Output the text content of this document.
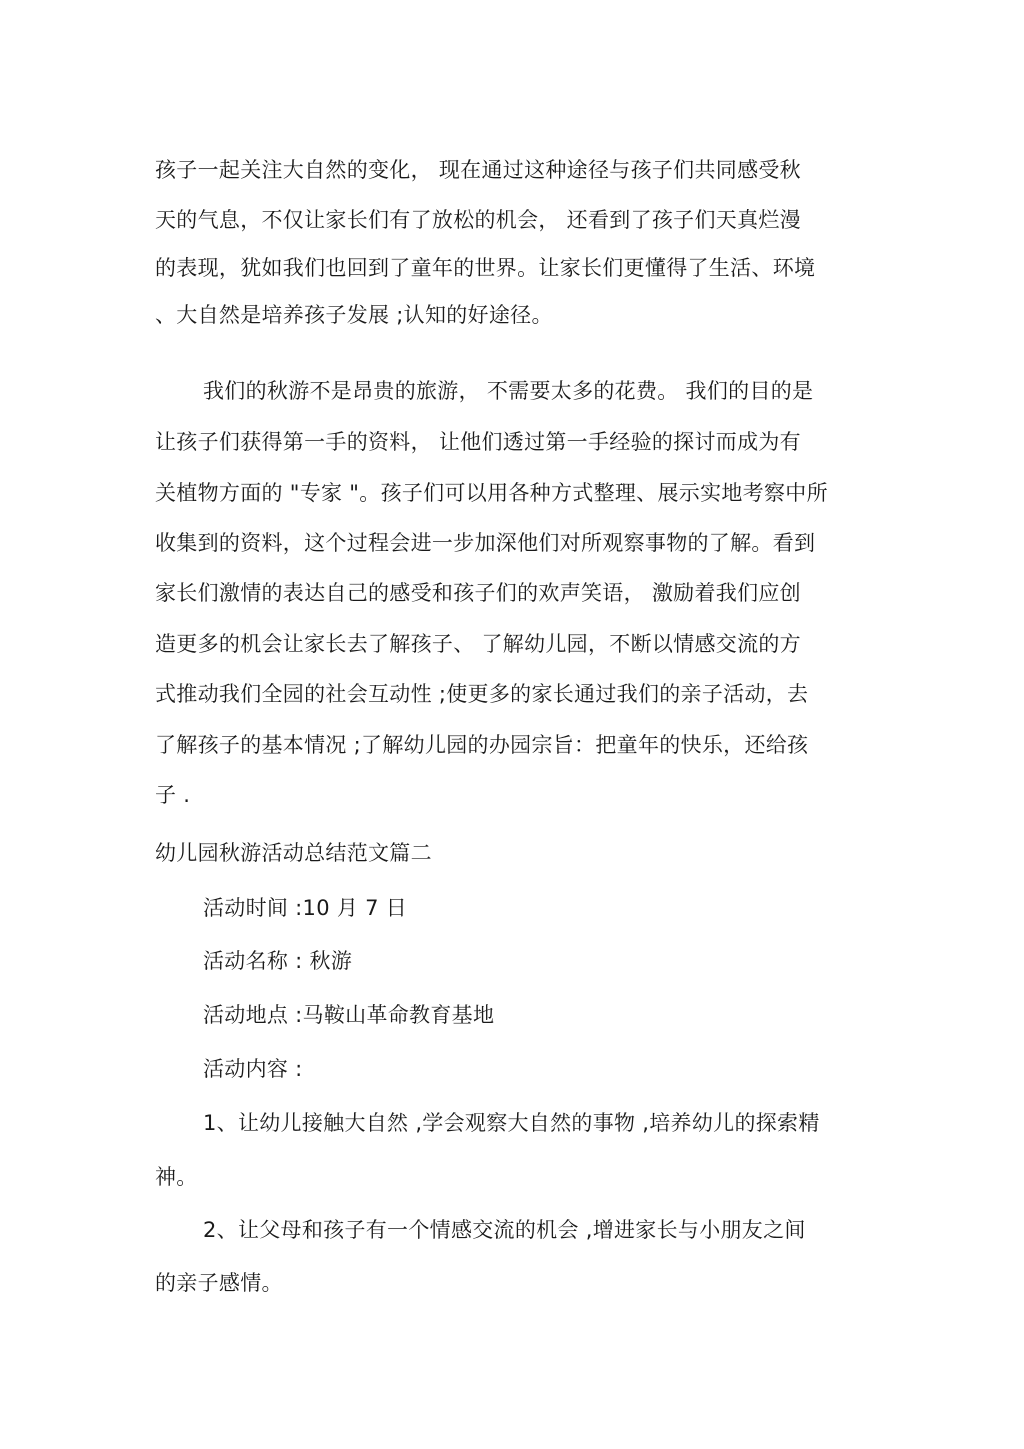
孩子一起关注大自然的变化， 现在通过这种途径与孩子们共同感受秋
天的气息，不仅让家长们有了放松的机会， 还看到了孩子们天真烂漫
的表现，犹如我们也回到了童年的世界。让家长们更懂得了生活、环境
、大自然是培养孩子发展 ;认知的好途径。
我们的秋游不是昂贵的旅游， 不需要太多的花费。 我们的目的是
让孩子们获得第一手的资料， 让他们透过第一手经验的探讨而成为有
关植物方面的 "专家 "。孩子们可以用各种方式整理、展示实地考察中所
收集到的资料，这个过程会进一步加深他们对所观察事物的了解。看到
家长们激情的表达自己的感受和孩子们的欢声笑语， 激励着我们应创
造更多的机会让家长去了解孩子、 了解幼儿园，不断以情感交流的方
式推动我们全园的社会互动性 ;使更多的家长通过我们的亲子活动，去
了解孩子的基本情况 ;了解幼儿园的办园宗旨：把童年的快乐，还给孩
子 .
幼儿园秋游活动总结范文篇二
活动时间 :10 月 7 日
活动名称 : 秋游
活动地点 :马鞍山革命教育基地
活动内容 :
1、让幼儿接触大自然 ,学会观察大自然的事物 ,培养幼儿的探索精
神。
2、让父母和孩子有一个情感交流的机会 ,增进家长与小朋友之间
的亲子感情。
